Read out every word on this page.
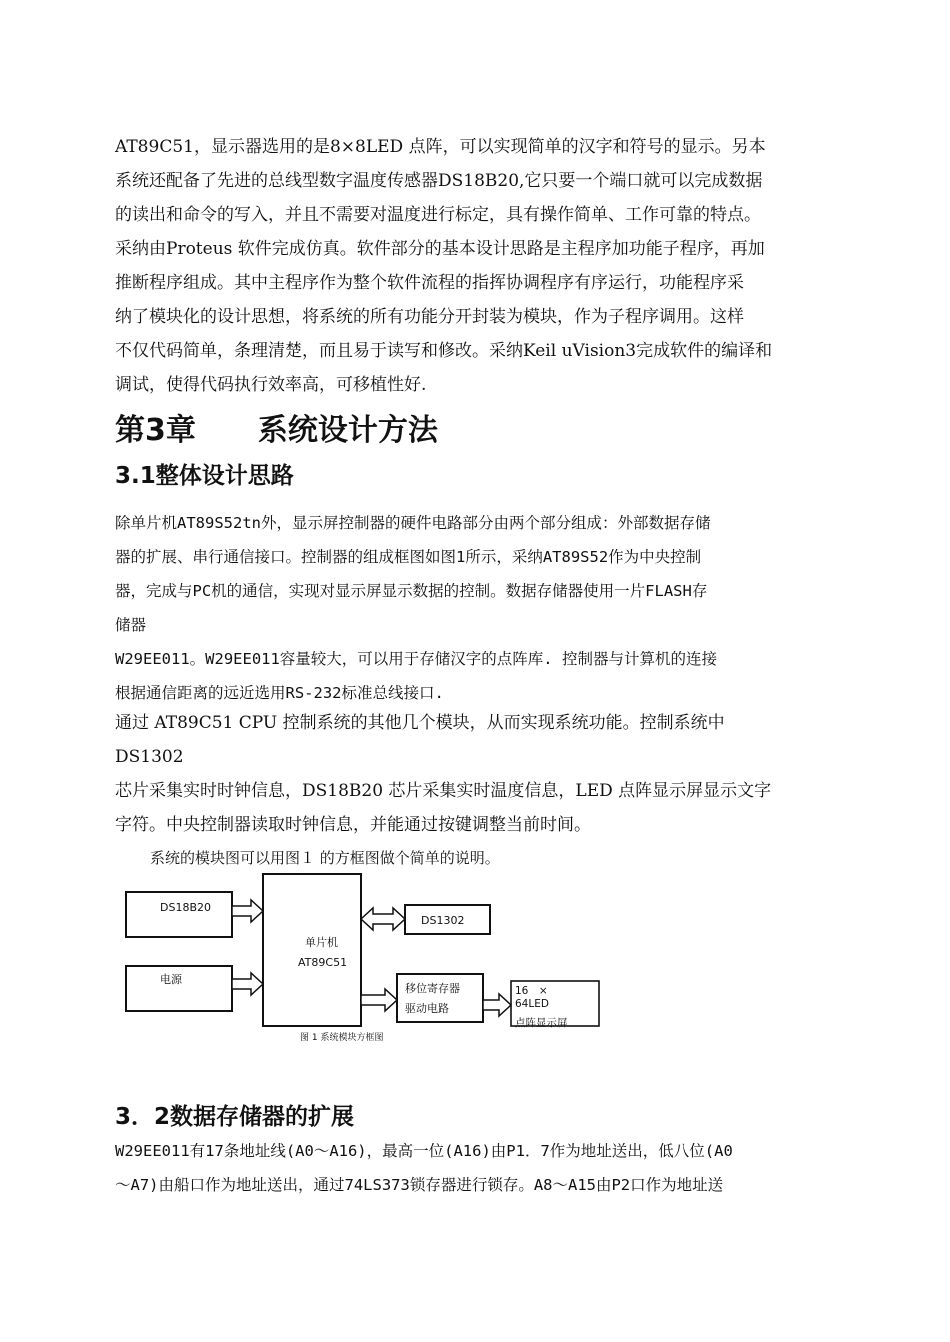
AT89C51，显示器选用的是8×8LED 点阵，可以实现简单的汉字和符号的显示。另本
系统还配备了先进的总线型数字温度传感器DS18B20,它只要一个端口就可以完成数据
的读出和命令的写入，并且不需要对温度进行标定，具有操作简单、工作可靠的特点。
采纳由Proteus 软件完成仿真。软件部分的基本设计思路是主程序加功能子程序，再加
推断程序组成。其中主程序作为整个软件流程的指挥协调程序有序运行，功能程序采
纳了模块化的设计思想，将系统的所有功能分开封装为模块，作为子程序调用。这样
不仅代码简单，条理清楚，而且易于读写和修改。采纳Keil uVision3完成软件的编译和
调试，使得代码执行效率高，可移植性好.
第3章 系统设计方法
3.1整体设计思路
除单片机AT89S52tn外，显示屏控制器的硬件电路部分由两个部分组成：外部数据存储
器的扩展、串行通信接口。控制器的组成框图如图1所示，采纳AT89S52作为中央控制
器，完成与PC机的通信，实现对显示屏显示数据的控制。数据存储器使用一片FLASH存
储器
W29EE011。W29EE011容量较大，可以用于存储汉字的点阵库. 控制器与计算机的连接
根据通信距离的远近选用RS-232标准总线接口.
通过 AT89C51 CPU 控制系统的其他几个模块，从而实现系统功能。控制系统中
DS1302
芯片采集实时时钟信息，DS18B20 芯片采集实时温度信息，LED 点阵显示屏显示文字
字符。中央控制器读取时钟信息，并能通过按键调整当前时间。
系统的模块图可以用图１ 的方框图做个简单的说明。
DS18B20
电源
单片机
AT89C51
DS1302
移位寄存器
驱动电路
16　×
64LED
点阵显示屏
图 1 系统模块方框图
3．2数据存储器的扩展
W29EE011有17条地址线(A0～A16)，最高一位(A16)由P1．7作为地址送出，低八位(A0
～A7)由船口作为地址送出，通过74LS373锁存器进行锁存。A8～A15由P2口作为地址送
